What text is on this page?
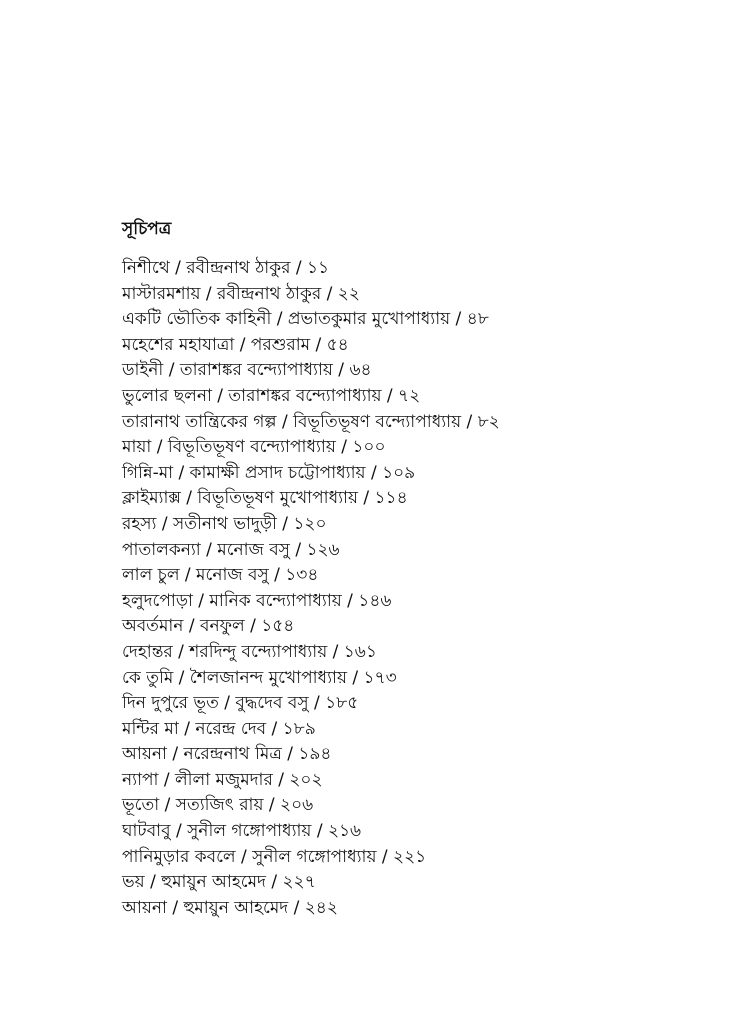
সূচিপত্র
নিশীথে / রবীন্দ্রনাথ ঠাকুর / ১১
মাস্টারমশায় / রবীন্দ্রনাথ ঠাকুর / ২২
একটি ভৌতিক কাহিনী / প্রভাতকুমার মুখোপাধ্যায় / ৪৮
মহেশের মহাযাত্রা / পরশুরাম / ৫৪
ডাইনী / তারাশঙ্কর বন্দ্যোপাধ্যায় / ৬৪
ভুলোর ছলনা / তারাশঙ্কর বন্দ্যোপাধ্যায় / ৭২
তারানাথ তান্ত্রিকের গল্প / বিভূতিভূষণ বন্দ্যোপাধ্যায় / ৮২
মায়া / বিভূতিভূষণ বন্দ্যোপাধ্যায় / ১০০
গিন্নি-মা / কামাক্ষী প্রসাদ চট্টোপাধ্যায় / ১০৯
ক্লাইম্যাক্স / বিভূতিভূষণ মুখোপাধ্যায় / ১১৪
রহস্য / সতীনাথ ভাদুড়ী / ১২০
পাতালকন্যা / মনোজ বসু / ১২৬
লাল চুল / মনোজ বসু / ১৩৪
হলুদপোড়া / মানিক বন্দ্যোপাধ্যায় / ১৪৬
অবর্তমান / বনফুল / ১৫৪
দেহান্তর / শরদিন্দু বন্দ্যোপাধ্যায় / ১৬১
কে তুমি / শৈলজানন্দ মুখোপাধ্যায় / ১৭৩
দিন দুপুরে ভূত / বুদ্ধদেব বসু / ১৮৫
মন্টির মা / নরেন্দ্র দেব / ১৮৯
আয়না / নরেন্দ্রনাথ মিত্র / ১৯৪
ন্যাপা / লীলা মজুমদার / ২০২
ভূতো / সত্যজিৎ রায় / ২০৬
ঘাটবাবু / সুনীল গঙ্গোপাধ্যায় / ২১৬
পানিমুড়ার কবলে / সুনীল গঙ্গোপাধ্যায় / ২২১
ভয় / হুমায়ুন আহমেদ / ২২৭
আয়না / হুমায়ুন আহমেদ / ২৪২
